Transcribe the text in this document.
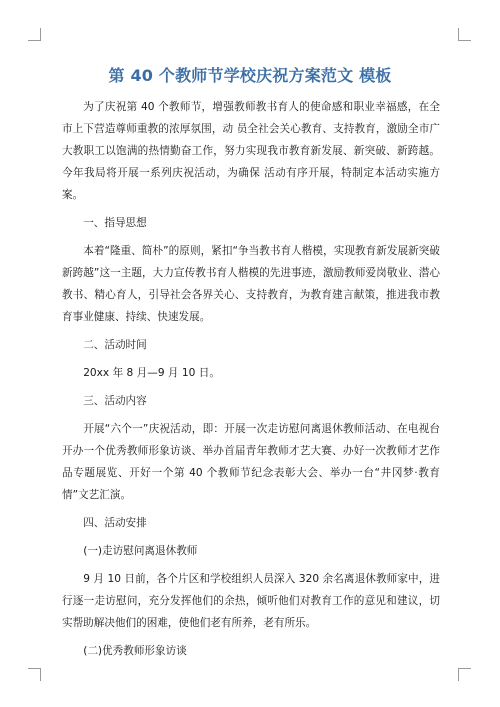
第 40 个教师节学校庆祝方案范文 模板

为了庆祝第 40 个教师节，增强教师教书育人的使命感和职业幸福感，在全市上下营造尊师重教的浓厚氛围，动 员全社会关心教育、支持教育，激励全市广大教职工以饱满的热情勤奋工作，努力实现我市教育新发展、新突破、新跨越。今年我局将开展一系列庆祝活动，为确保 活动有序开展，特制定本活动实施方案。

一、指导思想

本着“隆重、简朴”的原则，紧扣“争当教书育人楷模，实现教育新发展新突破新跨越”这一主题，大力宣传教书育人楷模的先进事迹，激励教师爱岗敬业、潜心教书、精心育人，引导社会各界关心、支持教育，为教育建言献策，推进我市教育事业健康、持续、快速发展。

二、活动时间

20xx 年 8 月—9 月 10 日。

三、活动内容

开展“六个一”庆祝活动，即：开展一次走访慰问离退休教师活动、在电视台开办一个优秀教师形象访谈、举办首届青年教师才艺大赛、办好一次教师才艺作品专题展览、开好一个第 40 个教师节纪念表彰大会、举办一台“井冈梦·教育情”文艺汇演。

四、活动安排

(一)走访慰问离退休教师

9 月 10 日前，各个片区和学校组织人员深入 320 余名离退休教师家中，进行逐一走访慰问，充分发挥他们的余热，倾听他们对教育工作的意见和建议，切实帮助解决他们的困难，使他们老有所养，老有所乐。

(二)优秀教师形象访谈
